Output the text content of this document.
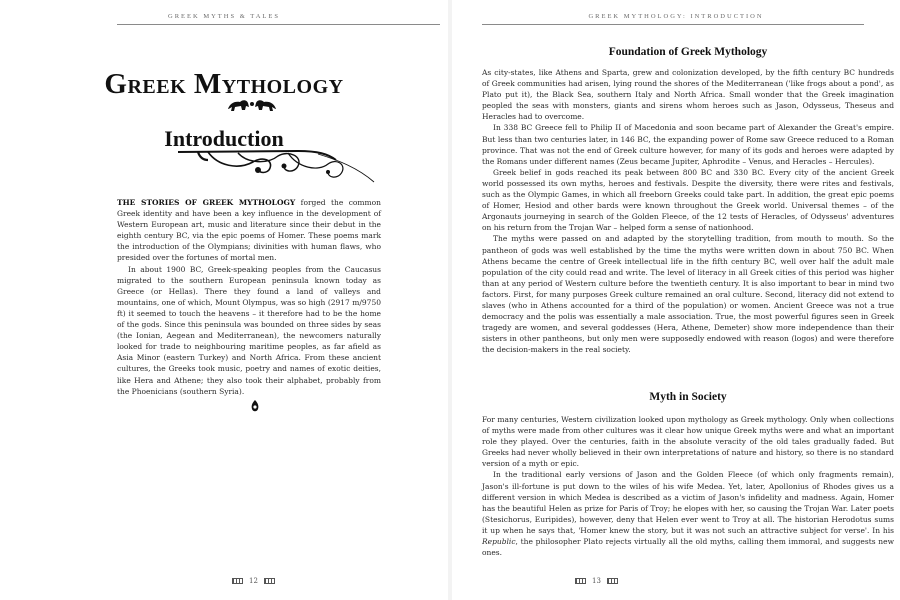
GREEK MYTHS & TALES
Greek Mythology
Introduction

THE STORIES OF GREEK MYTHOLOGY forged the common Greek identity and have been a key influence in the development of Western European art, music and literature since their debut in the eighth century BC, via the epic poems of Homer. These poems mark the introduction of the Olympians; divinities with human flaws, who presided over the fortunes of mortal men.

In about 1900 BC, Greek-speaking peoples from the Caucasus migrated to the southern European peninsula known today as Greece (or Hellas). There they found a land of valleys and mountains, one of which, Mount Olympus, was so high (2917 m/9750 ft) it seemed to touch the heavens – it therefore had to be the home of the gods. Since this peninsula was bounded on three sides by seas (the Ionian, Aegean and Mediterranean), the newcomers naturally looked for trade to neighbouring maritime peoples, as far afield as Asia Minor (eastern Turkey) and North Africa. From these ancient cultures, the Greeks took music, poetry and names of exotic deities, like Hera and Athene; they also took their alphabet, probably from the Phoenicians (southern Syria).

12
GREEK MYTHOLOGY: INTRODUCTION
Foundation of Greek Mythology

As city-states, like Athens and Sparta, grew and colonization developed, by the fifth century BC hundreds of Greek communities had arisen, lying round the shores of the Mediterranean ('like frogs about a pond', as Plato put it), the Black Sea, southern Italy and North Africa. Small wonder that the Greek imagination peopled the seas with monsters, giants and sirens whom heroes such as Jason, Odysseus, Theseus and Heracles had to overcome.

In 338 BC Greece fell to Philip II of Macedonia and soon became part of Alexander the Great's empire. But less than two centuries later, in 146 BC, the expanding power of Rome saw Greece reduced to a Roman province. That was not the end of Greek culture however, for many of its gods and heroes were adapted by the Romans under different names (Zeus became Jupiter, Aphrodite – Venus, and Heracles – Hercules).

Greek belief in gods reached its peak between 800 BC and 330 BC. Every city of the ancient Greek world possessed its own myths, heroes and festivals. Despite the diversity, there were rites and festivals, such as the Olympic Games, in which all freeborn Greeks could take part. In addition, the great epic poems of Homer, Hesiod and other bards were known throughout the Greek world. Universal themes – of the Argonauts journeying in search of the Golden Fleece, of the 12 tests of Heracles, of Odysseus' adventures on his return from the Trojan War – helped form a sense of nationhood.

The myths were passed on and adapted by the storytelling tradition, from mouth to mouth. So the pantheon of gods was well established by the time the myths were written down in about 750 BC. When Athens became the centre of Greek intellectual life in the fifth century BC, well over half the adult male population of the city could read and write. The level of literacy in all Greek cities of this period was higher than at any period of Western culture before the twentieth century. It is also important to bear in mind two factors. First, for many purposes Greek culture remained an oral culture. Second, literacy did not extend to slaves (who in Athens accounted for a third of the population) or women. Ancient Greece was not a true democracy and the polis was essentially a male association. True, the most powerful figures seen in Greek tragedy are women, and several goddesses (Hera, Athene, Demeter) show more independence than their sisters in other pantheons, but only men were supposedly endowed with reason (logos) and were therefore the decision-makers in the real society.

Myth in Society

For many centuries, Western civilization looked upon mythology as Greek mythology. Only when collections of myths were made from other cultures was it clear how unique Greek myths were and what an important role they played. Over the centuries, faith in the absolute veracity of the old tales gradually faded. But Greeks had never wholly believed in their own interpretations of nature and history, so there is no standard version of a myth or epic.

In the traditional early versions of Jason and the Golden Fleece (of which only fragments remain), Jason's ill-fortune is put down to the wiles of his wife Medea. Yet, later, Apollonius of Rhodes gives us a different version in which Medea is described as a victim of Jason's infidelity and madness. Again, Homer has the beautiful Helen as prize for Paris of Troy; he elopes with her, so causing the Trojan War. Later poets (Stesichorus, Euripides), however, deny that Helen ever went to Troy at all. The historian Herodotus sums it up when he says that, 'Homer knew the story, but it was not such an attractive subject for verse'. In his Republic, the philosopher Plato rejects virtually all the old myths, calling them immoral, and suggests new ones.

13
